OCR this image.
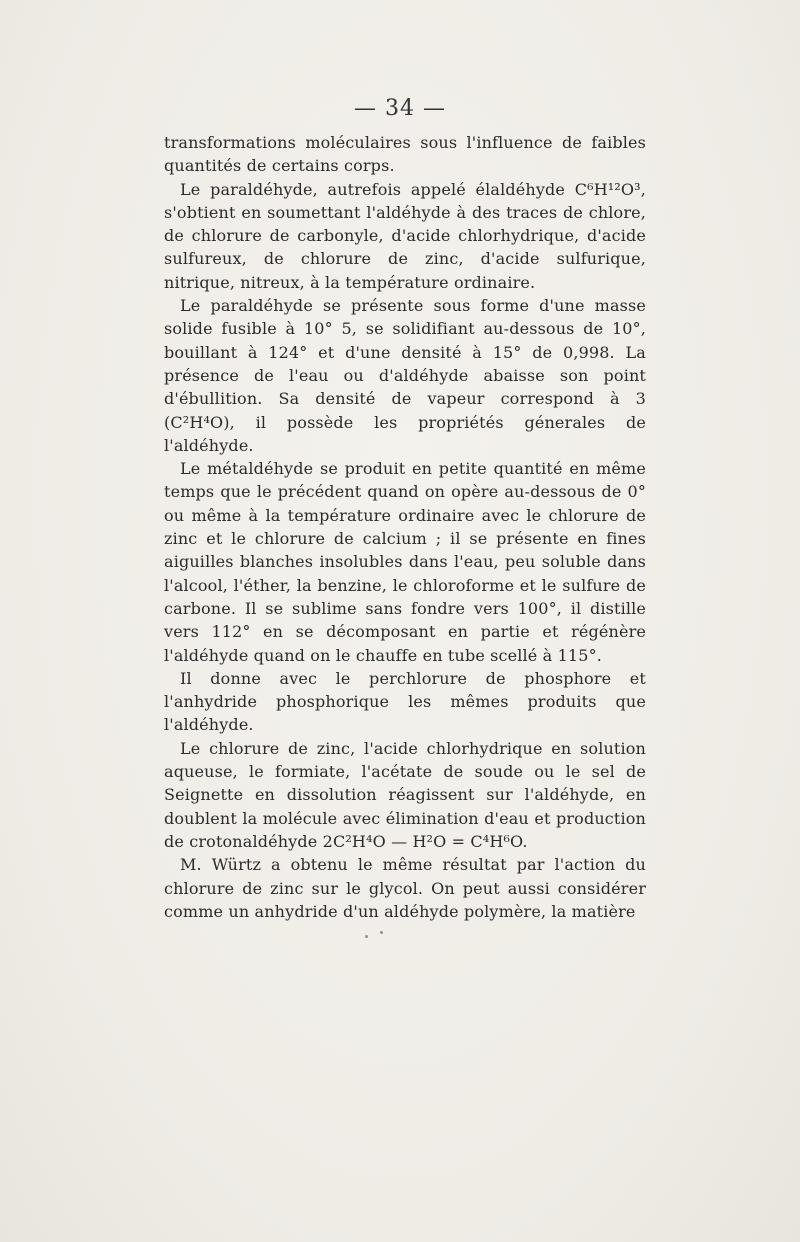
— 34 —

transformations moléculaires sous l'influence de faibles quantités de certains corps.

Le paraldéhyde, autrefois appelé élaldéhyde C⁶H¹²O³, s'obtient en soumettant l'aldéhyde à des traces de chlore, de chlorure de carbonyle, d'acide chlorhydrique, d'acide sulfureux, de chlorure de zinc, d'acide sulfurique, nitrique, nitreux, à la température ordinaire.

Le paraldéhyde se présente sous forme d'une masse solide fusible à 10° 5, se solidifiant au-dessous de 10°, bouillant à 124° et d'une densité à 15° de 0,998. La présence de l'eau ou d'aldéhyde abaisse son point d'ébullition. Sa densité de vapeur correspond à 3 (C²H⁴O), il possède les propriétés génerales de l'aldéhyde.

Le métaldéhyde se produit en petite quantité en même temps que le précédent quand on opère au-dessous de 0° ou même à la température ordinaire avec le chlorure de zinc et le chlorure de calcium ; il se présente en fines aiguilles blanches insolubles dans l'eau, peu soluble dans l'alcool, l'éther, la benzine, le chloroforme et le sulfure de carbone. Il se sublime sans fondre vers 100°, il distille vers 112° en se décomposant en partie et régénère l'aldéhyde quand on le chauffe en tube scellé à 115°.

Il donne avec le perchlorure de phosphore et l'anhydride phosphorique les mêmes produits que l'aldéhyde.

Le chlorure de zinc, l'acide chlorhydrique en solution aqueuse, le formiate, l'acétate de soude ou le sel de Seignette en dissolution réagissent sur l'aldéhyde, en doublent la molécule avec élimination d'eau et production de crotonaldéhyde 2C²H⁴O — H²O = C⁴H⁶O.

M. Würtz a obtenu le même résultat par l'action du chlorure de zinc sur le glycol. On peut aussi considérer comme un anhydride d'un aldéhyde polymère, la matière
